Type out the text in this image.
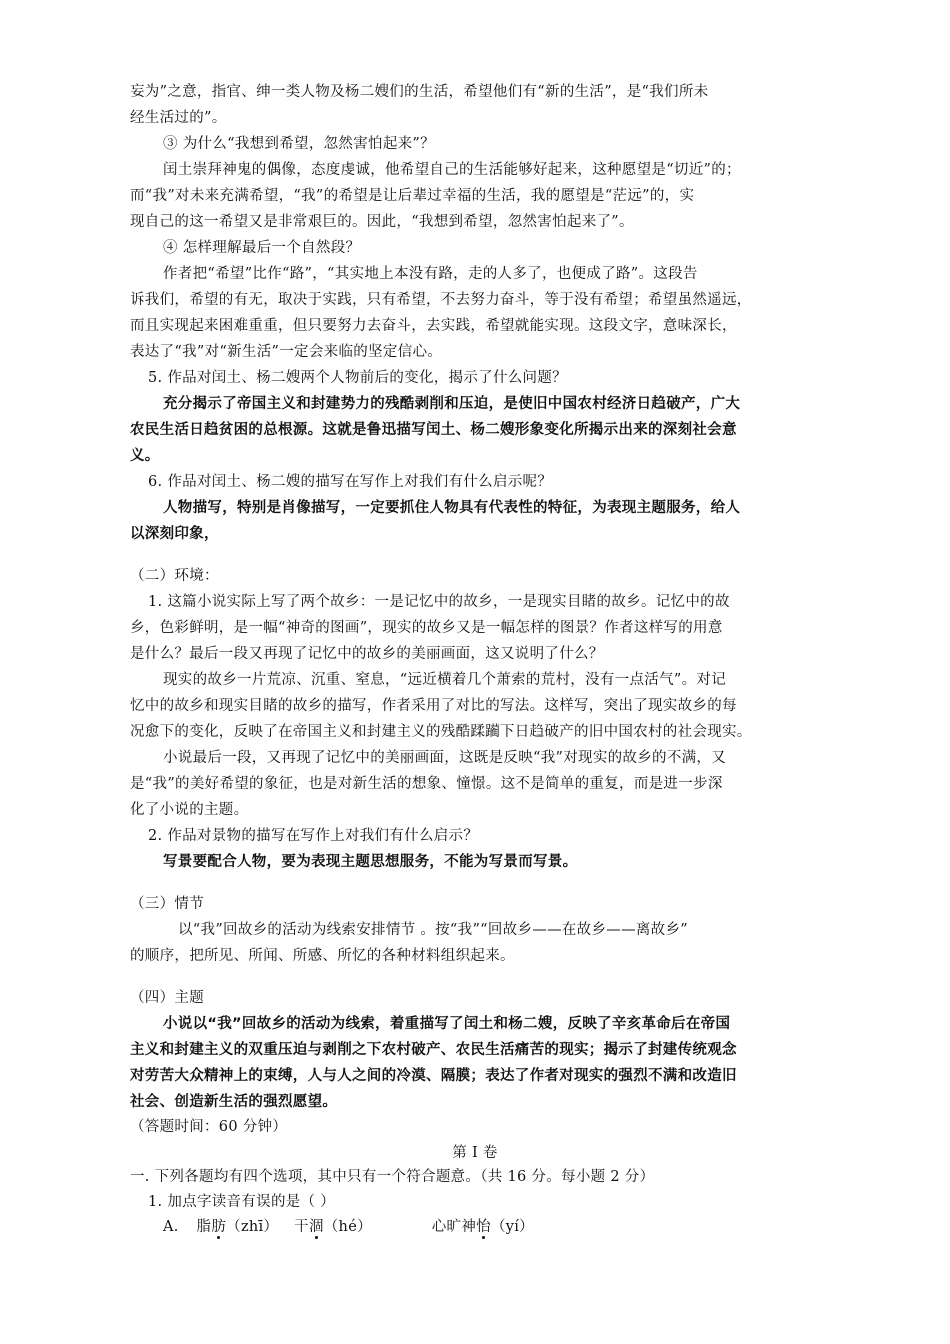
妄为”之意，指官、绅一类人物及杨二嫂们的生活，希望他们有“新的生活”，是“我们所未
经生活过的”。
③ 为什么“我想到希望，忽然害怕起来”？
闰土崇拜神鬼的偶像，态度虔诚，他希望自己的生活能够好起来，这种愿望是“切近”的；
而“我”对未来充满希望，“我”的希望是让后辈过幸福的生活，我的愿望是“茫远”的，实
现自己的这一希望又是非常艰巨的。因此，“我想到希望，忽然害怕起来了”。
④ 怎样理解最后一个自然段？
作者把“希望”比作“路”，“其实地上本没有路，走的人多了，也便成了路”。这段告
诉我们，希望的有无，取决于实践，只有希望，不去努力奋斗，等于没有希望；希望虽然遥远，
而且实现起来困难重重，但只要努力去奋斗，去实践，希望就能实现。这段文字，意味深长，
表达了“我”对“新生活”一定会来临的坚定信心。
5. 作品对闰土、杨二嫂两个人物前后的变化，揭示了什么问题？
充分揭示了帝国主义和封建势力的残酷剥削和压迫，是使旧中国农村经济日趋破产，广大
农民生活日趋贫困的总根源。这就是鲁迅描写闰土、杨二嫂形象变化所揭示出来的深刻社会意
义。
6. 作品对闰土、杨二嫂的描写在写作上对我们有什么启示呢？
人物描写，特别是肖像描写，一定要抓住人物具有代表性的特征，为表现主题服务，给人
以深刻印象，
（二）环境：
1. 这篇小说实际上写了两个故乡：一是记忆中的故乡，一是现实目睹的故乡。记忆中的故
乡，色彩鲜明，是一幅“神奇的图画”，现实的故乡又是一幅怎样的图景？作者这样写的用意
是什么？最后一段又再现了记忆中的故乡的美丽画面，这又说明了什么？
现实的故乡一片荒凉、沉重、窒息，“远近横着几个萧索的荒村，没有一点活气”。对记
忆中的故乡和现实目睹的故乡的描写，作者采用了对比的写法。这样写，突出了现实故乡的每
况愈下的变化，反映了在帝国主义和封建主义的残酷蹂躏下日趋破产的旧中国农村的社会现实。
小说最后一段，又再现了记忆中的美丽画面，这既是反映“我”对现实的故乡的不满，又
是“我”的美好希望的象征，也是对新生活的想象、憧憬。这不是简单的重复，而是进一步深
化了小说的主题。
2. 作品对景物的描写在写作上对我们有什么启示？
写景要配合人物，要为表现主题思想服务，不能为写景而写景。
（三）情节
以“我”回故乡的活动为线索安排情节 。按“我”“回故乡——在故乡——离故乡”
的顺序，把所见、所闻、所感、所忆的各种材料组织起来。
（四）主题
小说以“我”回故乡的活动为线索，着重描写了闰土和杨二嫂，反映了辛亥革命后在帝国
主义和封建主义的双重压迫与剥削之下农村破产、农民生活痛苦的现实；揭示了封建传统观念
对劳苦大众精神上的束缚，人与人之间的冷漠、隔膜；表达了作者对现实的强烈不满和改造旧
社会、创造新生活的强烈愿望。
（答题时间：60 分钟）
第 I 卷
一. 下列各题均有四个选项，其中只有一个符合题意。（共 16 分。每小题 2 分）
1. 加点字读音有误的是（ ）
A. 脂肪（zhī） 干涸（hé）	心旷神怡（yí）
